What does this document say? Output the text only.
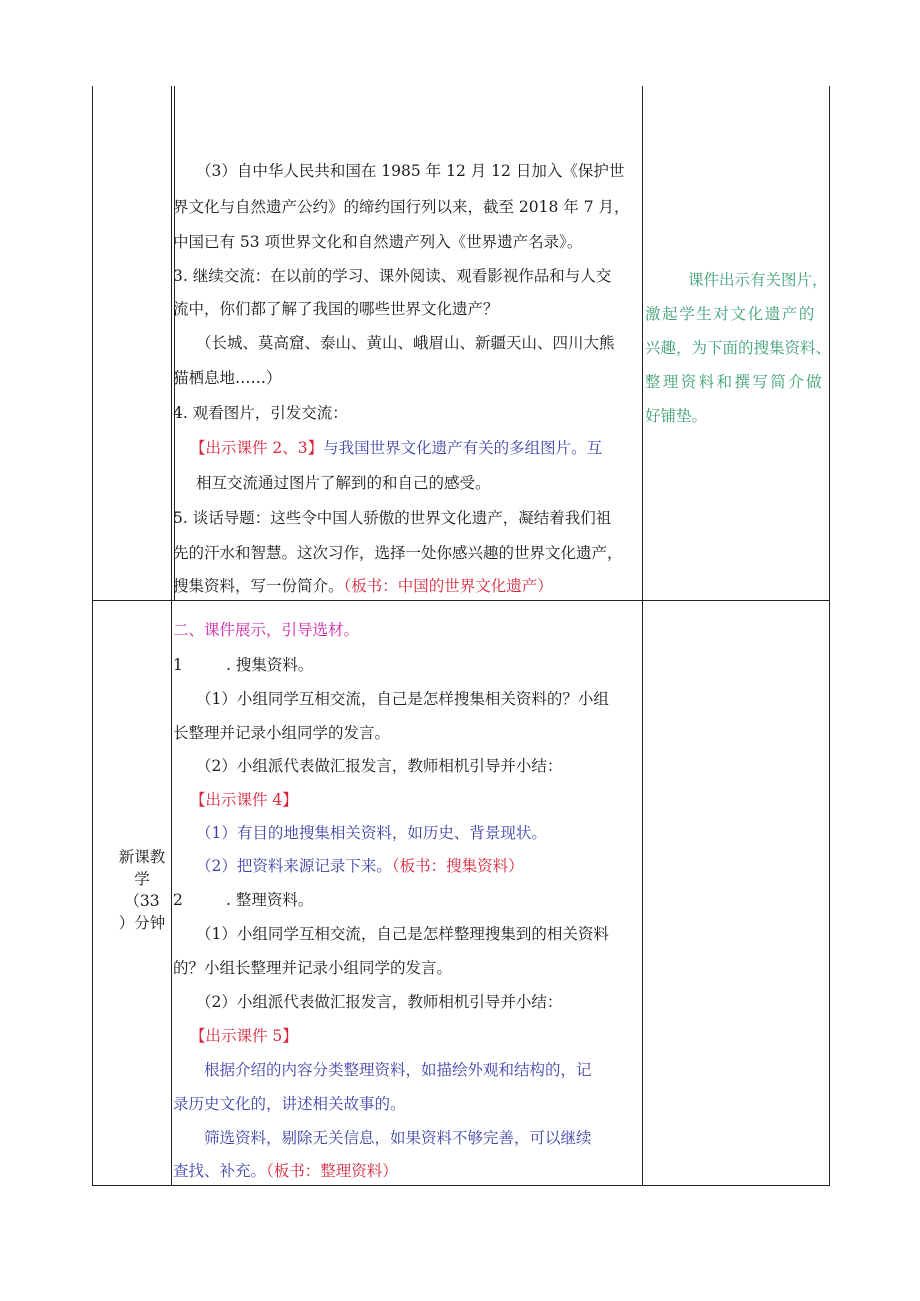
（3）自中华人民共和国在 1985 年 12 月 12 日加入《保护世
界文化与自然遗产公约》的缔约国行列以来，截至 2018 年 7 月，
中国已有 53 项世界文化和自然遗产列入《世界遗产名录》。
3. 继续交流：在以前的学习、课外阅读、观看影视作品和与人交
流中，你们都了解了我国的哪些世界文化遗产？
（长城、莫高窟、泰山、黄山、峨眉山、新疆天山、四川大熊
猫栖息地……）
4. 观看图片，引发交流：
【出示课件 2、3】与我国世界文化遗产有关的多组图片。互
相互交流通过图片了解到的和自己的感受。
5. 谈话导题：这些令中国人骄傲的世界文化遗产，凝结着我们祖
先的汗水和智慧。这次习作，选择一处你感兴趣的世界文化遗产，
搜集资料，写一份简介。（板书：中国的世界文化遗产）
课件出示有关图片，
激起学生对文化遗产的
兴趣，为下面的搜集资料、
整理资料和撰写简介做
好铺垫。
新课教
学
（33
）分钟
二、课件展示，引导选材。
1	. 搜集资料。
（1）小组同学互相交流，自己是怎样搜集相关资料的？小组
长整理并记录小组同学的发言。
（2）小组派代表做汇报发言，教师相机引导并小结：
【出示课件 4】
（1）有目的地搜集相关资料，如历史、背景现状。
（2）把资料来源记录下来。（板书：搜集资料）
2	. 整理资料。
（1）小组同学互相交流，自己是怎样整理搜集到的相关资料
的？小组长整理并记录小组同学的发言。
（2）小组派代表做汇报发言，教师相机引导并小结：
【出示课件 5】
根据介绍的内容分类整理资料，如描绘外观和结构的，记
录历史文化的，讲述相关故事的。
筛选资料，剔除无关信息，如果资料不够完善，可以继续
查找、补充。（板书：整理资料）
